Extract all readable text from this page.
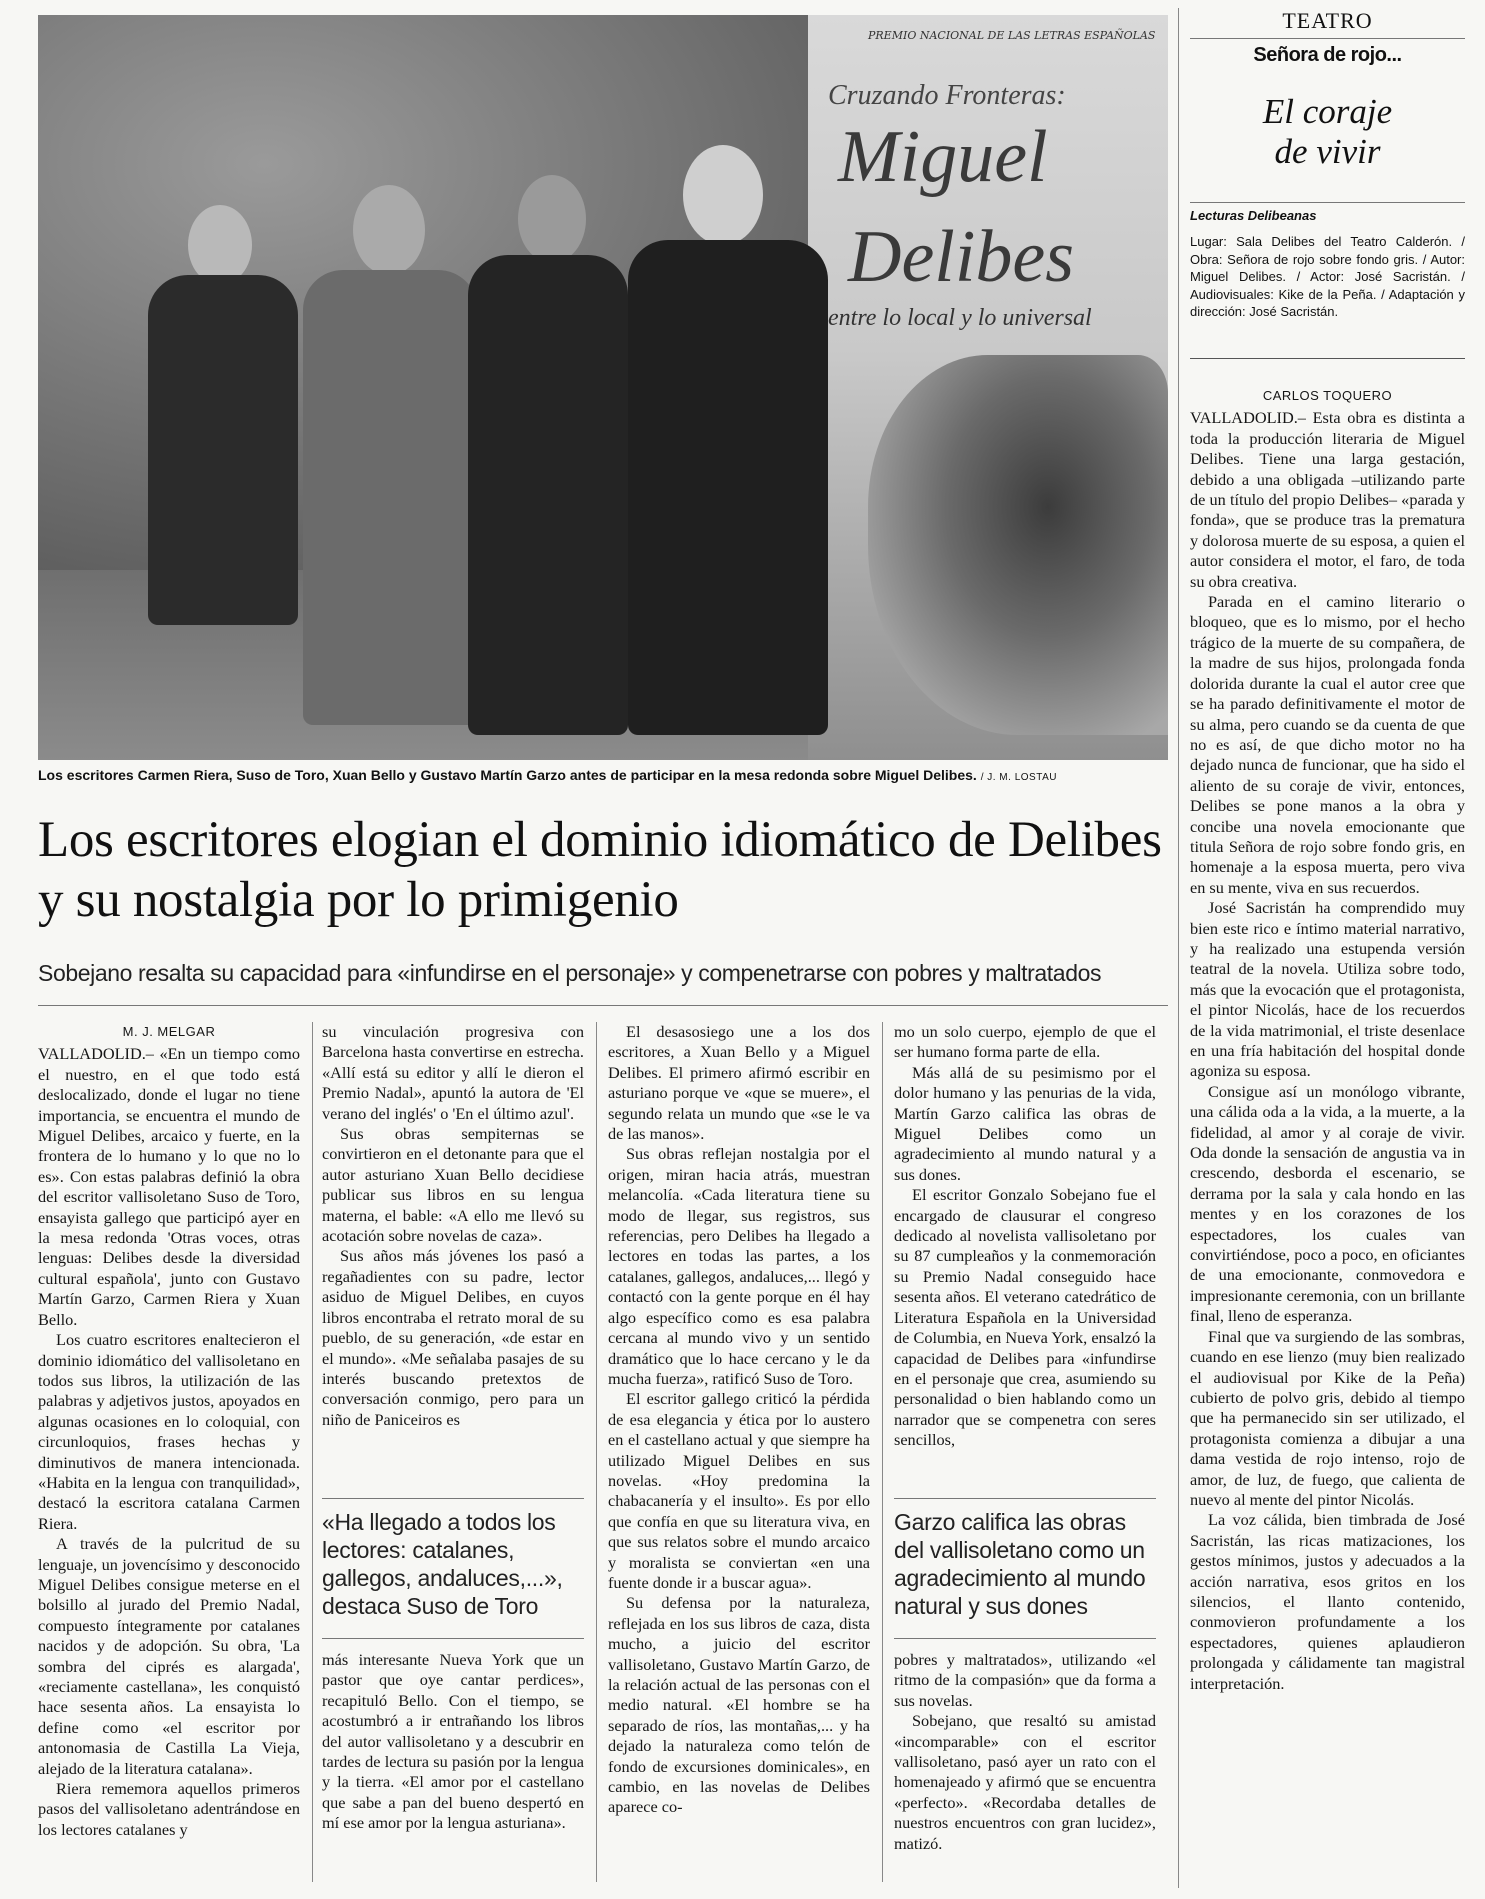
PREMIO NACIONAL DE LAS LETRAS ESPAÑOLAS
Cruzando Fronteras:
Miguel
Delibes
entre lo local y lo universal
Los escritores Carmen Riera, Suso de Toro, Xuan Bello y Gustavo Martín Garzo antes de participar en la mesa redonda sobre Miguel Delibes. / J. M. LOSTAU
Los escritores elogian el dominio idiomático de Delibes y su nostalgia por lo primigenio
Sobejano resalta su capacidad para «infundirse en el personaje» y compenetrarse con pobres y maltratados
M. J. MELGAR

VALLADOLID.– «En un tiempo como el nuestro, en el que todo está deslocalizado, donde el lugar no tiene importancia, se encuentra el mundo de Miguel Delibes, arcaico y fuerte, en la frontera de lo humano y lo que no lo es». Con estas palabras definió la obra del escritor vallisoletano Suso de Toro, ensayista gallego que participó ayer en la mesa redonda 'Otras voces, otras lenguas: Delibes desde la diversidad cultural española', junto con Gustavo Martín Garzo, Carmen Riera y Xuan Bello.

Los cuatro escritores enaltecieron el dominio idiomático del vallisoletano en todos sus libros, la utilización de las palabras y adjetivos justos, apoyados en algunas ocasiones en lo coloquial, con circunloquios, frases hechas y diminutivos de manera intencionada. «Habita en la lengua con tranquilidad», destacó la escritora catalana Carmen Riera.

A través de la pulcritud de su lenguaje, un jovencísimo y desconocido Miguel Delibes consigue meterse en el bolsillo al jurado del Premio Nadal, compuesto íntegramente por catalanes nacidos y de adopción. Su obra, 'La sombra del ciprés es alargada', «reciamente castellana», les conquistó hace sesenta años. La ensayista lo define como «el escritor por antonomasia de Castilla La Vieja, alejado de la literatura catalana».

Riera rememora aquellos primeros pasos del vallisoletano adentrándose en los lectores catalanes y

su vinculación progresiva con Barcelona hasta convertirse en estrecha. «Allí está su editor y allí le dieron el Premio Nadal», apuntó la autora de 'El verano del inglés' o 'En el último azul'.

Sus obras sempiternas se convirtieron en el detonante para que el autor asturiano Xuan Bello decidiese publicar sus libros en su lengua materna, el bable: «A ello me llevó su acotación sobre novelas de caza».

Sus años más jóvenes los pasó a regañadientes con su padre, lector asiduo de Miguel Delibes, en cuyos libros encontraba el retrato moral de su pueblo, de su generación, «de estar en el mundo». «Me señalaba pasajes de su interés buscando pretextos de conversación conmigo, pero para un niño de Paniceiros es

«Ha llegado a todos los lectores: catalanes, gallegos, andaluces,...», destaca Suso de Toro

más interesante Nueva York que un pastor que oye cantar perdices», recapituló Bello. Con el tiempo, se acostumbró a ir entrañando los libros del autor vallisoletano y a descubrir en tardes de lectura su pasión por la lengua y la tierra. «El amor por el castellano que sabe a pan del bueno despertó en mí ese amor por la lengua asturiana».

El desasosiego une a los dos escritores, a Xuan Bello y a Miguel Delibes. El primero afirmó escribir en asturiano porque ve «que se muere», el segundo relata un mundo que «se le va de las manos».

Sus obras reflejan nostalgia por el origen, miran hacia atrás, muestran melancolía. «Cada literatura tiene su modo de llegar, sus registros, sus referencias, pero Delibes ha llegado a lectores en todas las partes, a los catalanes, gallegos, andaluces,... llegó y contactó con la gente porque en él hay algo específico como es esa palabra cercana al mundo vivo y un sentido dramático que lo hace cercano y le da mucha fuerza», ratificó Suso de Toro.

El escritor gallego criticó la pérdida de esa elegancia y ética por lo austero en el castellano actual y que siempre ha utilizado Miguel Delibes en sus novelas. «Hoy predomina la chabacanería y el insulto». Es por ello que confía en que su literatura viva, en que sus relatos sobre el mundo arcaico y moralista se conviertan «en una fuente donde ir a buscar agua».

Su defensa por la naturaleza, reflejada en los sus libros de caza, dista mucho, a juicio del escritor vallisoletano, Gustavo Martín Garzo, de la relación actual de las personas con el medio natural. «El hombre se ha separado de ríos, las montañas,... y ha dejado la naturaleza como telón de fondo de excursiones dominicales», en cambio, en las novelas de Delibes aparece co-

mo un solo cuerpo, ejemplo de que el ser humano forma parte de ella.

Más allá de su pesimismo por el dolor humano y las penurias de la vida, Martín Garzo califica las obras de Miguel Delibes como un agradecimiento al mundo natural y a sus dones.

El escritor Gonzalo Sobejano fue el encargado de clausurar el congreso dedicado al novelista vallisoletano por su 87 cumpleaños y la conmemoración su Premio Nadal conseguido hace sesenta años. El veterano catedrático de Literatura Española en la Universidad de Columbia, en Nueva York, ensalzó la capacidad de Delibes para «infundirse en el personaje que crea, asumiendo su personalidad o bien hablando como un narrador que se compenetra con seres sencillos,

Garzo califica las obras del vallisoletano como un agradecimiento al mundo natural y sus dones

pobres y maltratados», utilizando «el ritmo de la compasión» que da forma a sus novelas.

Sobejano, que resaltó su amistad «incomparable» con el escritor vallisoletano, pasó ayer un rato con el homenajeado y afirmó que se encuentra «perfecto». «Recordaba detalles de nuestros encuentros con gran lucidez», matizó.

TEATRO
Señora de rojo...
El coraje
de vivir
Lecturas Delibeanas
Lugar: Sala Delibes del Teatro Calderón. / Obra: Señora de rojo sobre fondo gris. / Autor: Miguel Delibes. / Actor: José Sacristán. / Audiovisuales: Kike de la Peña. / Adaptación y dirección: José Sacristán.
CARLOS TOQUERO

VALLADOLID.– Esta obra es distinta a toda la producción literaria de Miguel Delibes. Tiene una larga gestación, debido a una obligada –utilizando parte de un título del propio Delibes– «parada y fonda», que se produce tras la prematura y dolorosa muerte de su esposa, a quien el autor considera el motor, el faro, de toda su obra creativa.

Parada en el camino literario o bloqueo, que es lo mismo, por el hecho trágico de la muerte de su compañera, de la madre de sus hijos, prolongada fonda dolorida durante la cual el autor cree que se ha parado definitivamente el motor de su alma, pero cuando se da cuenta de que no es así, de que dicho motor no ha dejado nunca de funcionar, que ha sido el aliento de su coraje de vivir, entonces, Delibes se pone manos a la obra y concibe una novela emocionante que titula Señora de rojo sobre fondo gris, en homenaje a la esposa muerta, pero viva en su mente, viva en sus recuerdos.

José Sacristán ha comprendido muy bien este rico e íntimo material narrativo, y ha realizado una estupenda versión teatral de la novela. Utiliza sobre todo, más que la evocación que el protagonista, el pintor Nicolás, hace de los recuerdos de la vida matrimonial, el triste desenlace en una fría habitación del hospital donde agoniza su esposa.

Consigue así un monólogo vibrante, una cálida oda a la vida, a la muerte, a la fidelidad, al amor y al coraje de vivir. Oda donde la sensación de angustia va in crescendo, desborda el escenario, se derrama por la sala y cala hondo en las mentes y en los corazones de los espectadores, los cuales van convirtiéndose, poco a poco, en oficiantes de una emocionante, conmovedora e impresionante ceremonia, con un brillante final, lleno de esperanza.

Final que va surgiendo de las sombras, cuando en ese lienzo (muy bien realizado el audiovisual por Kike de la Peña) cubierto de polvo gris, debido al tiempo que ha permanecido sin ser utilizado, el protagonista comienza a dibujar a una dama vestida de rojo intenso, rojo de amor, de luz, de fuego, que calienta de nuevo al mente del pintor Nicolás.

La voz cálida, bien timbrada de José Sacristán, las ricas matizaciones, los gestos mínimos, justos y adecuados a la acción narrativa, esos gritos en los silencios, el llanto contenido, conmovieron profundamente a los espectadores, quienes aplaudieron prolongada y cálidamente tan magistral interpretación.
